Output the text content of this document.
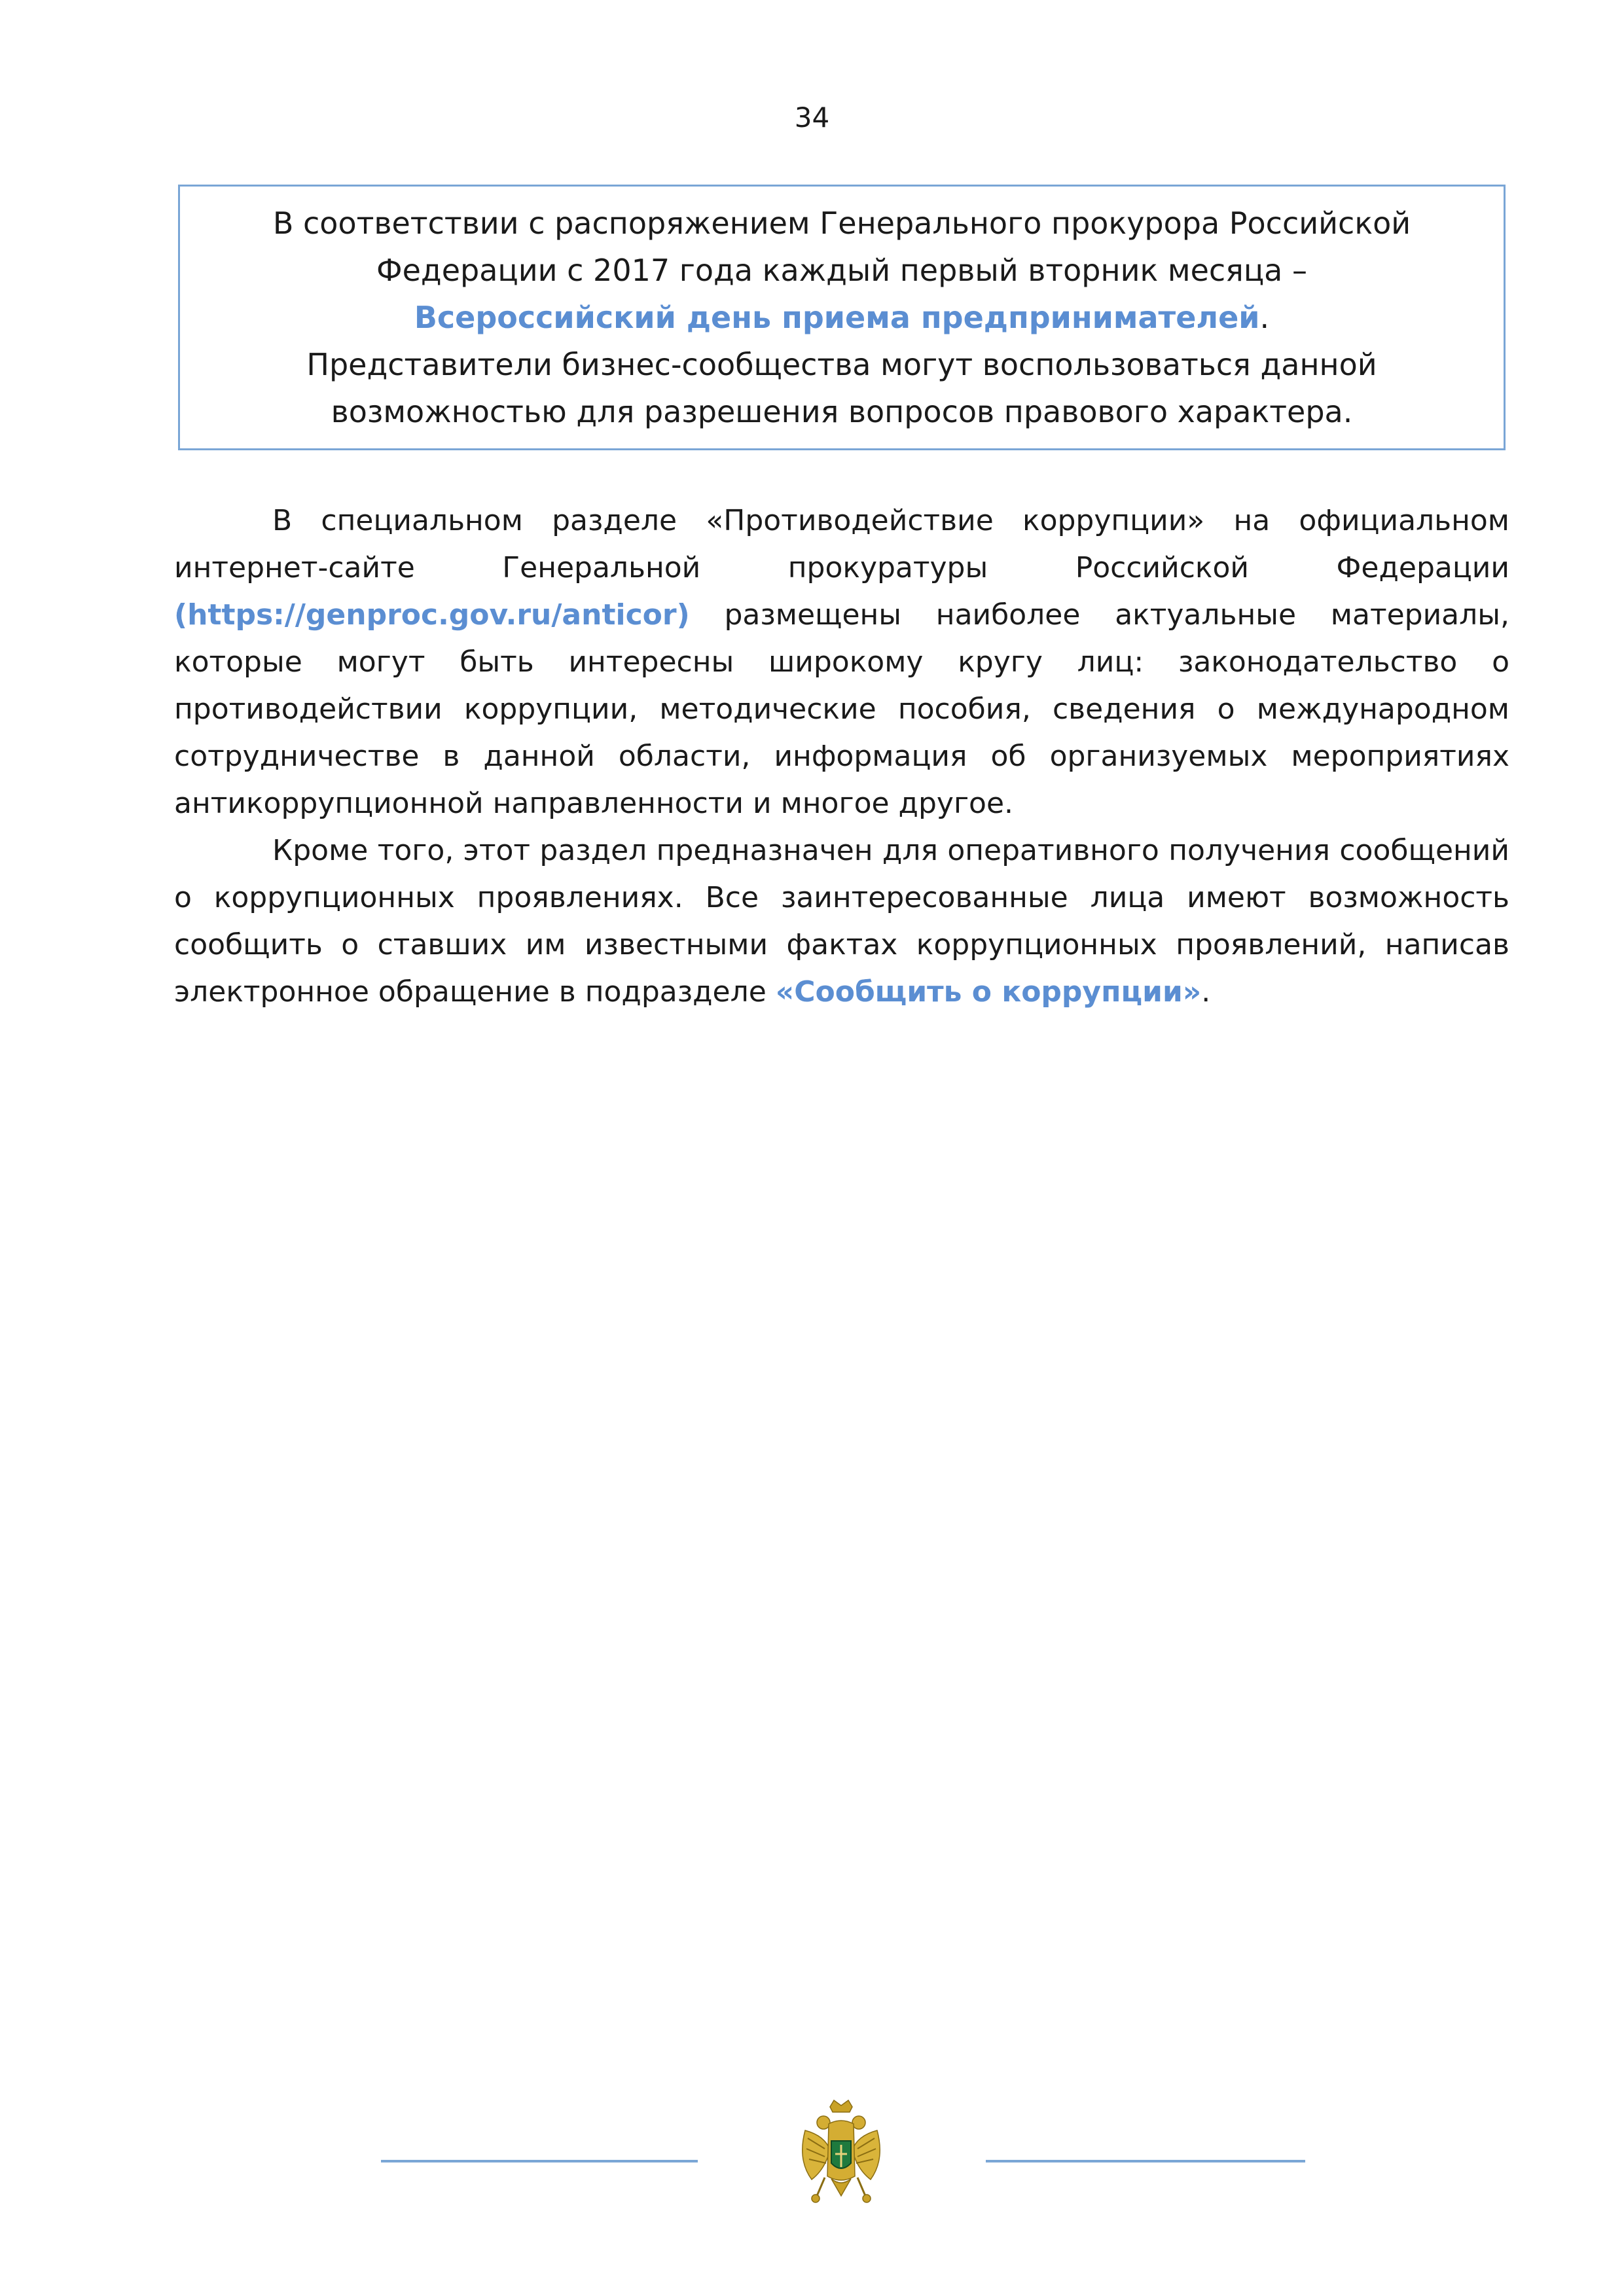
34
В соответствии с распоряжением Генерального прокурора Российской
Федерации с 2017 года каждый первый вторник месяца –
Всероссийский день приема предпринимателей.
Представители бизнес-сообщества могут воспользоваться данной
возможностью для разрешения вопросов правового характера.

В специальном разделе «Противодействие коррупции» на официальном интернет-сайте Генеральной прокуратуры Российской Федерации (https://genproc.gov.ru/anticor) размещены наиболее актуальные материалы, которые могут быть интересны широкому кругу лиц: законодательство о противодействии коррупции, методические пособия, сведения о международном сотрудничестве в данной области, информация об организуемых мероприятиях антикоррупционной направленности и многое другое.

Кроме того, этот раздел предназначен для оперативного получения сообщений о коррупционных проявлениях. Все заинтересованные лица имеют возможность сообщить о ставших им известными фактах коррупционных проявлений, написав электронное обращение в подразделе «Сообщить о коррупции».
